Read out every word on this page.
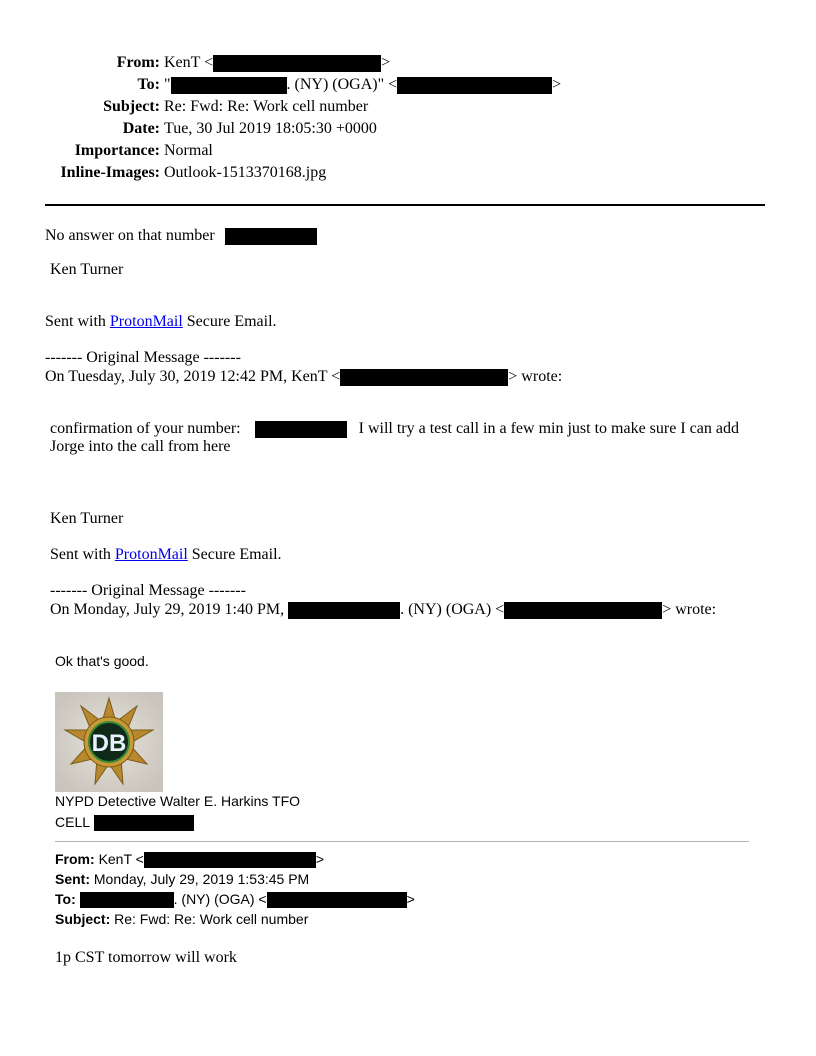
From: KenT <	>
To: "	. (NY) (OGA)" <	>
Subject: Re: Fwd: Re: Work cell number
Date: Tue, 30 Jul 2019 18:05:30 +0000
Importance: Normal
Inline-Images: Outlook-1513370168.jpg
No answer on that number
Ken Turner
Sent with ProtonMail Secure Email.
------- Original Message -------
On Tuesday, July 30, 2019 12:42 PM, KenT <	> wrote:
confirmation of your number:	I will try a test call in a few min just to make sure I can add
Jorge into the call from here
Ken Turner
Sent with ProtonMail Secure Email.
------- Original Message -------
On Monday, July 29, 2019 1:40 PM,	. (NY) (OGA) <	> wrote:
Ok that's good.
DB
NYPD Detective Walter E. Harkins TFO
CELL
From: KenT <	>
Sent: Monday, July 29, 2019 1:53:45 PM
To:	. (NY) (OGA) <	>
Subject: Re: Fwd: Re: Work cell number
1p CST tomorrow will work
